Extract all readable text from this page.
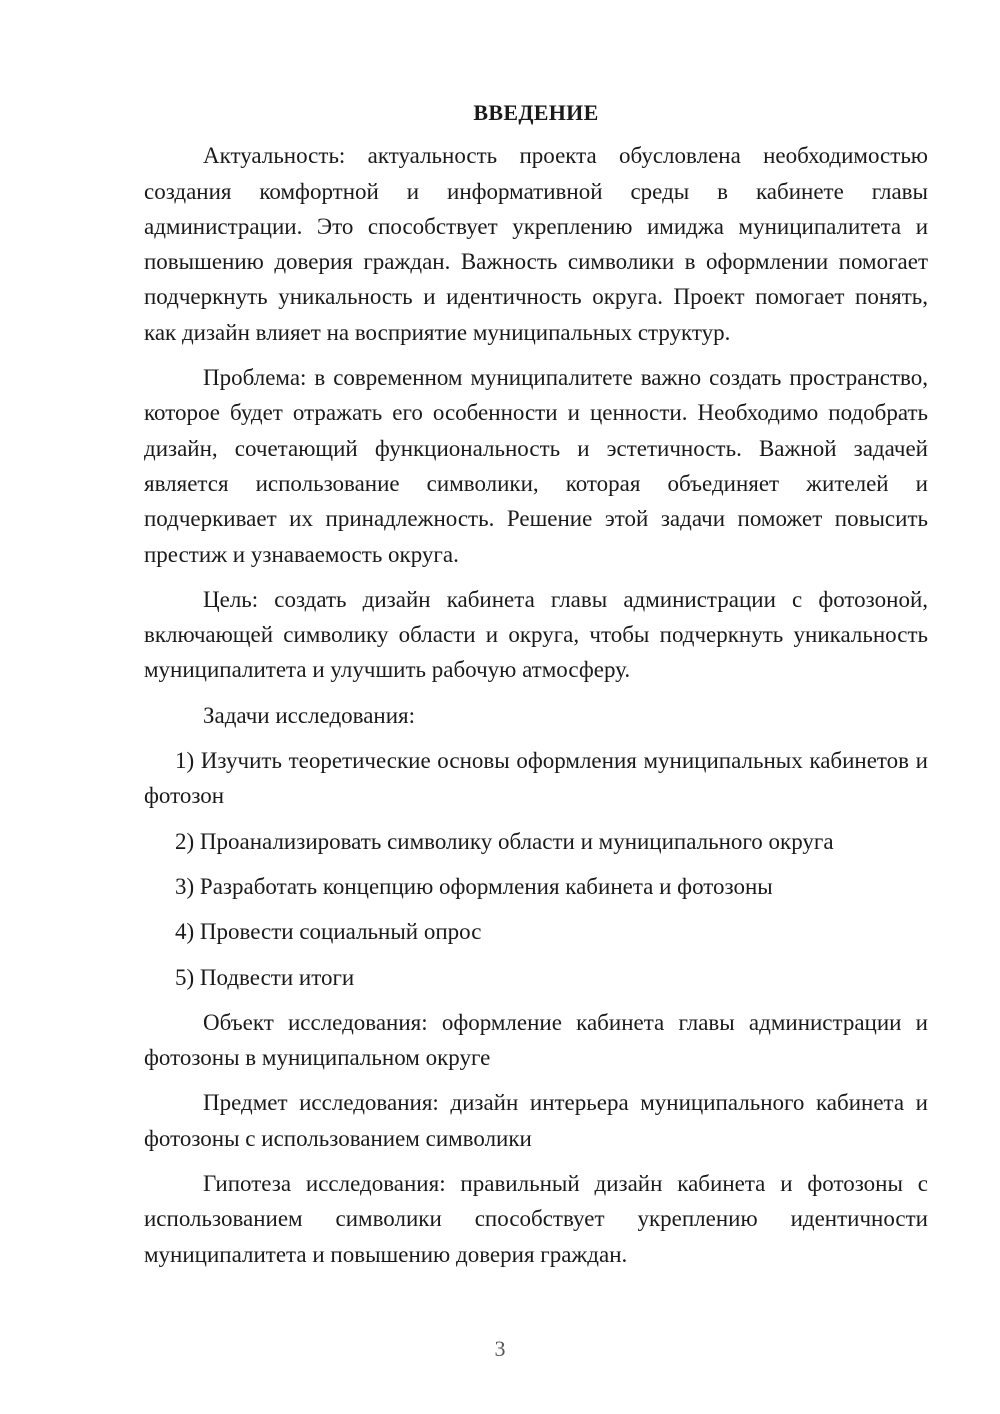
ВВЕДЕНИЕ

Актуальность: актуальность проекта обусловлена необходимостью создания комфортной и информативной среды в кабинете главы администрации. Это способствует укреплению имиджа муниципалитета и повышению доверия граждан. Важность символики в оформлении помогает подчеркнуть уникальность и идентичность округа. Проект помогает понять, как дизайн влияет на восприятие муниципальных структур.

Проблема: в современном муниципалитете важно создать пространство, которое будет отражать его особенности и ценности. Необходимо подобрать дизайн, сочетающий функциональность и эстетичность. Важной задачей является использование символики, которая объединяет жителей и подчеркивает их принадлежность. Решение этой задачи поможет повысить престиж и узнаваемость округа.

Цель: создать дизайн кабинета главы администрации с фотозоной, включающей символику области и округа, чтобы подчеркнуть уникальность муниципалитета и улучшить рабочую атмосферу.

Задачи исследования:

1) Изучить теоретические основы оформления муниципальных кабинетов и фотозон

2) Проанализировать символику области и муниципального округа

3) Разработать концепцию оформления кабинета и фотозоны

4) Провести социальный опрос

5) Подвести итоги

Объект исследования: оформление кабинета главы администрации и фотозоны в муниципальном округе

Предмет исследования: дизайн интерьера муниципального кабинета и фотозоны с использованием символики

Гипотеза исследования: правильный дизайн кабинета и фотозоны с использованием символики способствует укреплению идентичности муниципалитета и повышению доверия граждан.

3
